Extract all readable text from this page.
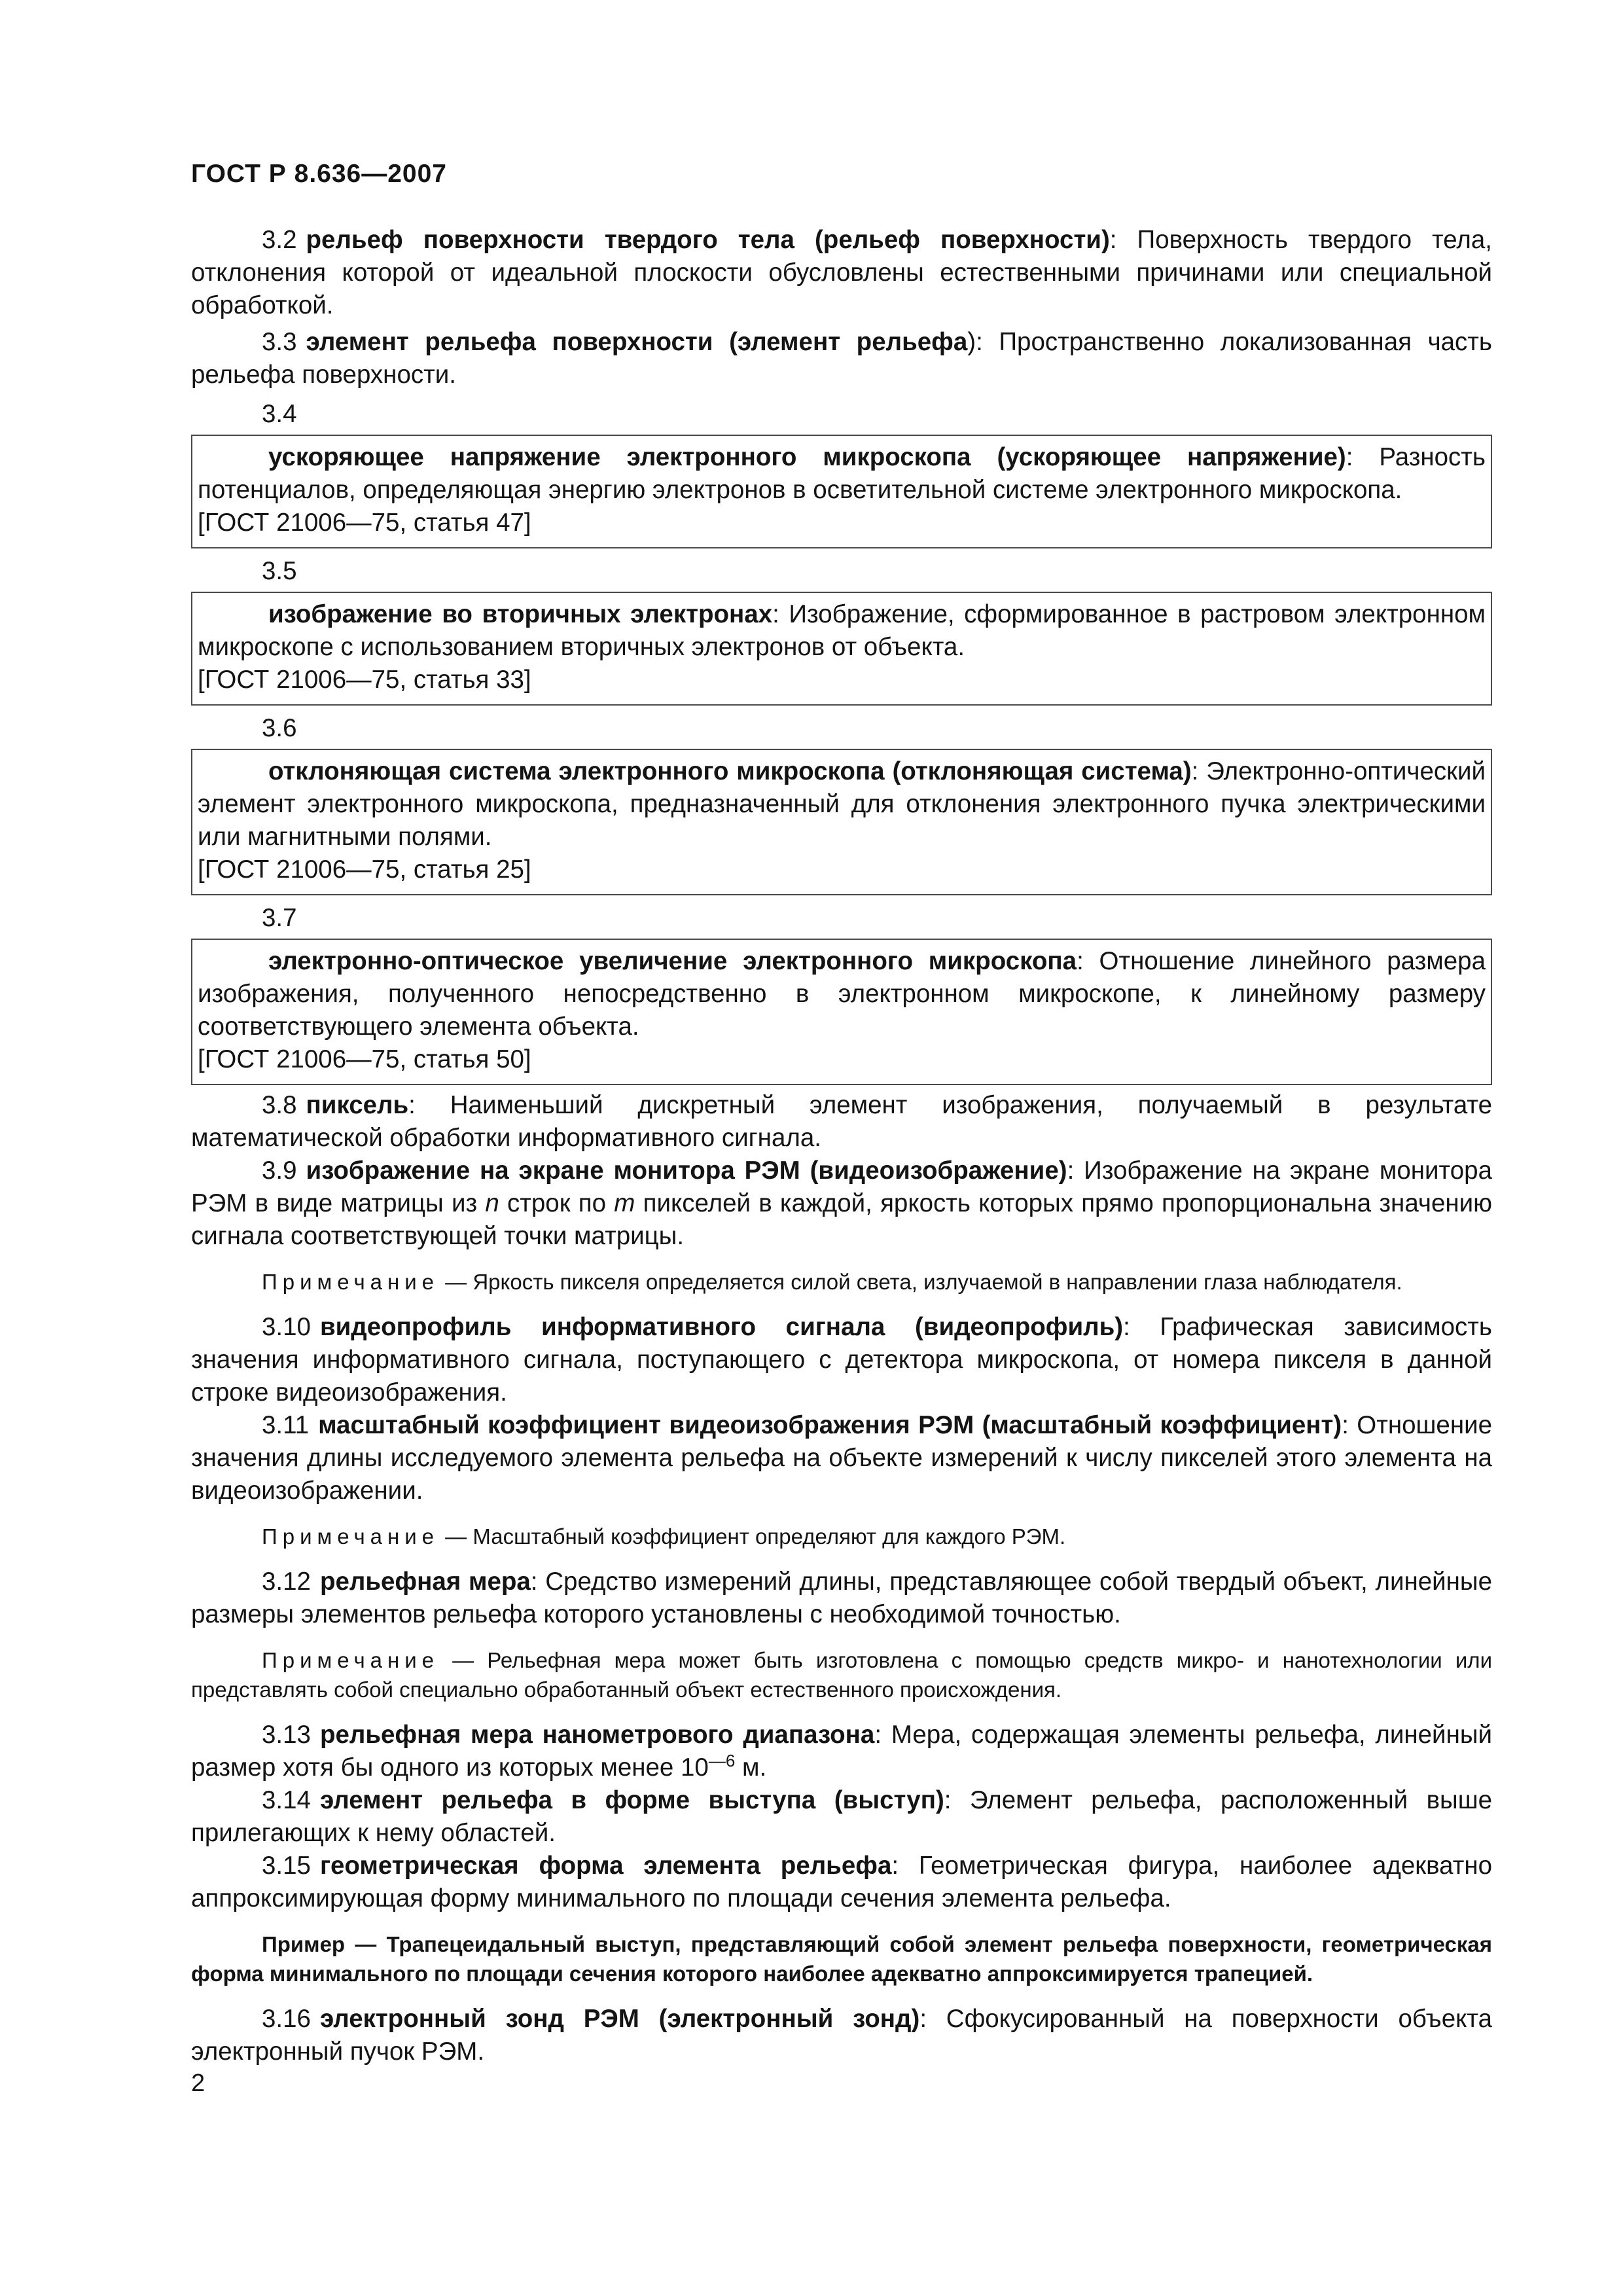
ГОСТ Р 8.636—2007

3.2 рельеф поверхности твердого тела (рельеф поверхности): Поверхность твердого тела, отклонения которой от идеальной плоскости обусловлены естественными причинами или специальной обработкой.

3.3 элемент рельефа поверхности (элемент рельефа): Пространственно локализованная часть рельефа поверхности.

3.4

ускоряющее напряжение электронного микроскопа (ускоряющее напряжение): Разность потенциалов, определяющая энергию электронов в осветительной системе электронного микроскопа.

[ГОСТ 21006—75, статья 47]

3.5

изображение во вторичных электронах: Изображение, сформированное в растровом электронном микроскопе с использованием вторичных электронов от объекта.

[ГОСТ 21006—75, статья 33]

3.6

отклоняющая система электронного микроскопа (отклоняющая система): Электронно-оптический элемент электронного микроскопа, предназначенный для отклонения электронного пучка электрическими или магнитными полями.

[ГОСТ 21006—75, статья 25]

3.7

электронно-оптическое увеличение электронного микроскопа: Отношение линейного размера изображения, полученного непосредственно в электронном микроскопе, к линейному размеру соответствующего элемента объекта.

[ГОСТ 21006—75, статья 50]

3.8 пиксель: Наименьший дискретный элемент изображения, получаемый в результате математической обработки информативного сигнала.

3.9 изображение на экране монитора РЭМ (видеоизображение): Изображение на экране монитора РЭМ в виде матрицы из n строк по m пикселей в каждой, яркость которых прямо пропорциональна значению сигнала соответствующей точки матрицы.

Примечание — Яркость пикселя определяется силой света, излучаемой в направлении глаза наблюдателя.

3.10 видеопрофиль информативного сигнала (видеопрофиль): Графическая зависимость значения информативного сигнала, поступающего с детектора микроскопа, от номера пикселя в данной строке видеоизображения.

3.11 масштабный коэффициент видеоизображения РЭМ (масштабный коэффициент): Отношение значения длины исследуемого элемента рельефа на объекте измерений к числу пикселей этого элемента на видеоизображении.

Примечание — Масштабный коэффициент определяют для каждого РЭМ.

3.12 рельефная мера: Средство измерений длины, представляющее собой твердый объект, линейные размеры элементов рельефа которого установлены с необходимой точностью.

Примечание — Рельефная мера может быть изготовлена с помощью средств микро- и нанотехнологии или представлять собой специально обработанный объект естественного происхождения.

3.13 рельефная мера нанометрового диапазона: Мера, содержащая элементы рельефа, линейный размер хотя бы одного из которых менее $10^{—6}$ м.

3.14 элемент рельефа в форме выступа (выступ): Элемент рельефа, расположенный выше прилегающих к нему областей.

3.15 геометрическая форма элемента рельефа: Геометрическая фигура, наиболее адекватно аппроксимирующая форму минимального по площади сечения элемента рельефа.

Пример — Трапецеидальный выступ, представляющий собой элемент рельефа поверхности, геометрическая форма минимального по площади сечения которого наиболее адекватно аппроксимируется трапецией.

3.16 электронный зонд РЭМ (электронный зонд): Сфокусированный на поверхности объекта электронный пучок РЭМ.

2
